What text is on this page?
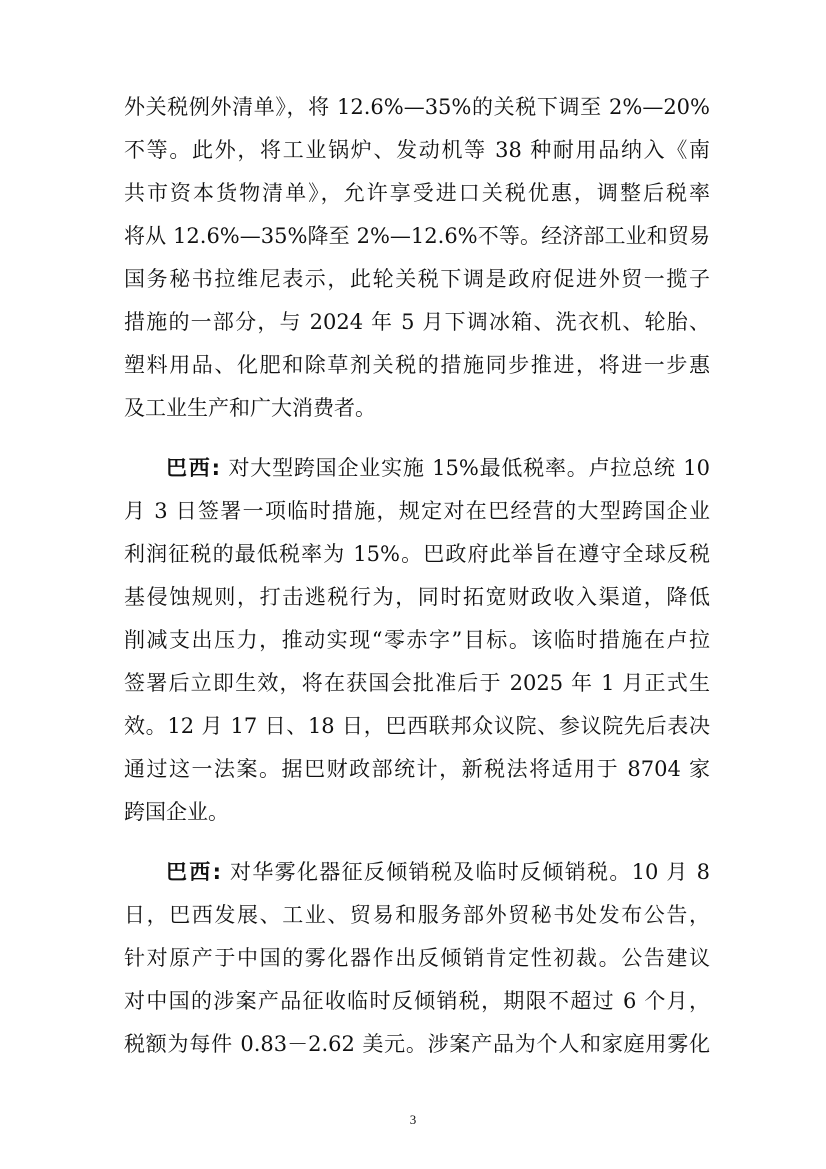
外关税例外清单》，将 12.6%—35%的关税下调至 2%—20%
不等。此外，将工业锅炉、发动机等 38 种耐用品纳入《南
共市资本货物清单》，允许享受进口关税优惠，调整后税率
将从 12.6%—35%降至 2%—12.6%不等。经济部工业和贸易
国务秘书拉维尼表示，此轮关税下调是政府促进外贸一揽子
措施的一部分，与 2024 年 5 月下调冰箱、洗衣机、轮胎、
塑料用品、化肥和除草剂关税的措施同步推进，将进一步惠
及工业生产和广大消费者。
巴西: 对大型跨国企业实施 15%最低税率。卢拉总统 10
月 3 日签署一项临时措施，规定对在巴经营的大型跨国企业
利润征税的最低税率为 15%。巴政府此举旨在遵守全球反税
基侵蚀规则，打击逃税行为，同时拓宽财政收入渠道，降低
削减支出压力，推动实现“零赤字”目标。该临时措施在卢拉
签署后立即生效，将在获国会批准后于 2025 年 1 月正式生
效。12 月 17 日、18 日，巴西联邦众议院、参议院先后表决
通过这一法案。据巴财政部统计，新税法将适用于 8704 家
跨国企业。
巴西: 对华雾化器征反倾销税及临时反倾销税。10 月 8
日，巴西发展、工业、贸易和服务部外贸秘书处发布公告，
针对原产于中国的雾化器作出反倾销肯定性初裁。公告建议
对中国的涉案产品征收临时反倾销税，期限不超过 6 个月，
税额为每件 0.83－2.62 美元。涉案产品为个人和家庭用雾化
3
